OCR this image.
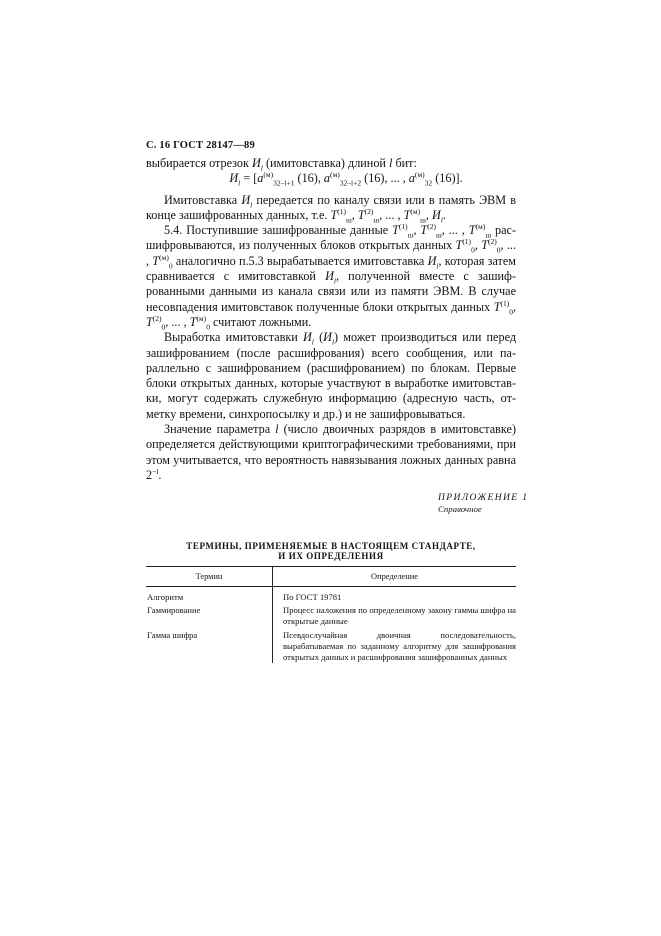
С. 16 ГОСТ 28147—89

выбирается отрезок $И_l$ (имитовставка) длиной l бит:

$И_l = [a^{(м)}_{32-l+1}$ (16), $a^{(м)}_{32-l+2}$ (16), ... , $a^{(м)}_{32}$ (16)].

Имитовставка $И_l$ передается по каналу связи или в память ЭВМ в конце зашифрованных данных, т.е. $T^{(1)}_ш$, $T^{(2)}_ш$, ... , $T^{(м)}_ш$, $И_l$.

5.4. Поступившие зашифрованные данные $T^{(1)}_ш$, $T^{(2)}_ш$, ... , $T^{(м)}_ш$ расшифровываются, из полученных блоков открытых данных $T^{(1)}_0$, $T^{(2)}_0$, ... , $T^{(м)}_0$ аналогично п.5.3 вырабатывается имитовставка $И_l$, которая затем сравнивается с имитовставкой $И_l$, полученной вместе с зашифрованными данными из канала связи или из памяти ЭВМ. В случае несовпадения имитовставок полученные блоки открытых данных $T^{(1)}_0$, $T^{(2)}_0$, ... , $T^{(м)}_0$ считают ложными.

Выработка имитовставки $И_l$ $(И_l)$ может производиться или перед зашифрованием (после расшифрования) всего сообщения, или параллельно с зашифрованием (расшифрованием) по блокам. Первые блоки открытых данных, которые участвуют в выработке имитовставки, могут содержать служебную информацию (адресную часть, отметку времени, синхропосылку и др.) и не зашифровываться.

Значение параметра l (число двоичных разрядов в имитовставке) определяется действующими криптографическими требованиями, при этом учитывается, что вероятность навязывания ложных данных равна $2^{-l}$.

ПРИЛОЖЕНИЕ 1
Справочное
ТЕРМИНЫ, ПРИМЕНЯЕМЫЕ В НАСТОЯЩЕМ СТАНДАРТЕ,
И ИХ ОПРЕДЕЛЕНИЯ
Термин	Определение
Алгоритм	По ГОСТ 19781
Гаммирование	Процесс наложения по определенному закону гаммы шифра на открытые данные
Гамма шифра	Псевдослучайная двоичная последовательность, вырабатываемая по заданному алгоритму для зашифрования открытых данных и расшифрования зашифрованных данных
